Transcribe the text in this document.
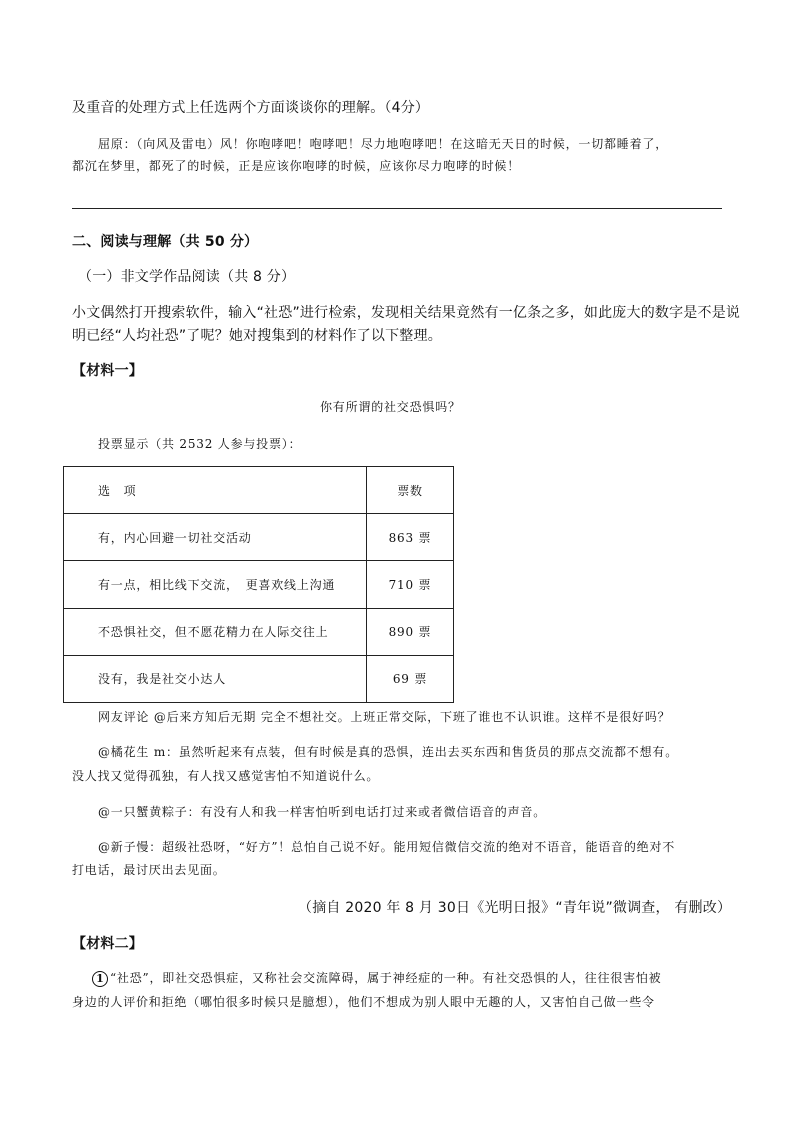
及重音的处理方式上任选两个方面谈谈你的理解。（4分）
屈原：（向风及雷电）风！你咆哮吧！咆哮吧！尽力地咆哮吧！在这暗无天日的时候，一切都睡着了，
都沉在梦里，都死了的时候，正是应该你咆哮的时候，应该你尽力咆哮的时候！
二、阅读与理解（共 50 分）
（一）非文学作品阅读（共 8 分）
小文偶然打开搜索软件，输入“社恐”进行检索，发现相关结果竟然有一亿条之多，如此庞大的数字是不是说
明已经“人均社恐”了呢？她对搜集到的材料作了以下整理。
【材料一】
你有所谓的社交恐惧吗？
投票显示（共 2532 人参与投票）：
选　项	票数
有，内心回避一切社交活动	863 票
有一点，相比线下交流，　更喜欢线上沟通	710 票
不恐惧社交，但不愿花精力在人际交往上	890 票
没有，我是社交小达人	69 票
网友评论 @后来方知后无期 完全不想社交。上班正常交际，下班了谁也不认识谁。这样不是很好吗？
@橘花生 m：虽然听起来有点装，但有时候是真的恐惧，连出去买东西和售货员的那点交流都不想有。
没人找又觉得孤独，有人找又感觉害怕不知道说什么。
@一只蟹黄粽子：有没有人和我一样害怕听到电话打过来或者微信语音的声音。
@新子慢：超级社恐呀，“好方”！总怕自己说不好。能用短信微信交流的绝对不语音，能语音的绝对不
打电话，最讨厌出去见面。
（摘自 2020 年 8 月 30日《光明日报》“青年说”微调查， 有删改）
【材料二】
1 “社恐”，即社交恐惧症，又称社会交流障碍，属于神经症的一种。有社交恐惧的人，往往很害怕被
身边的人评价和拒绝（哪怕很多时候只是臆想），他们不想成为别人眼中无趣的人，又害怕自己做一些令
